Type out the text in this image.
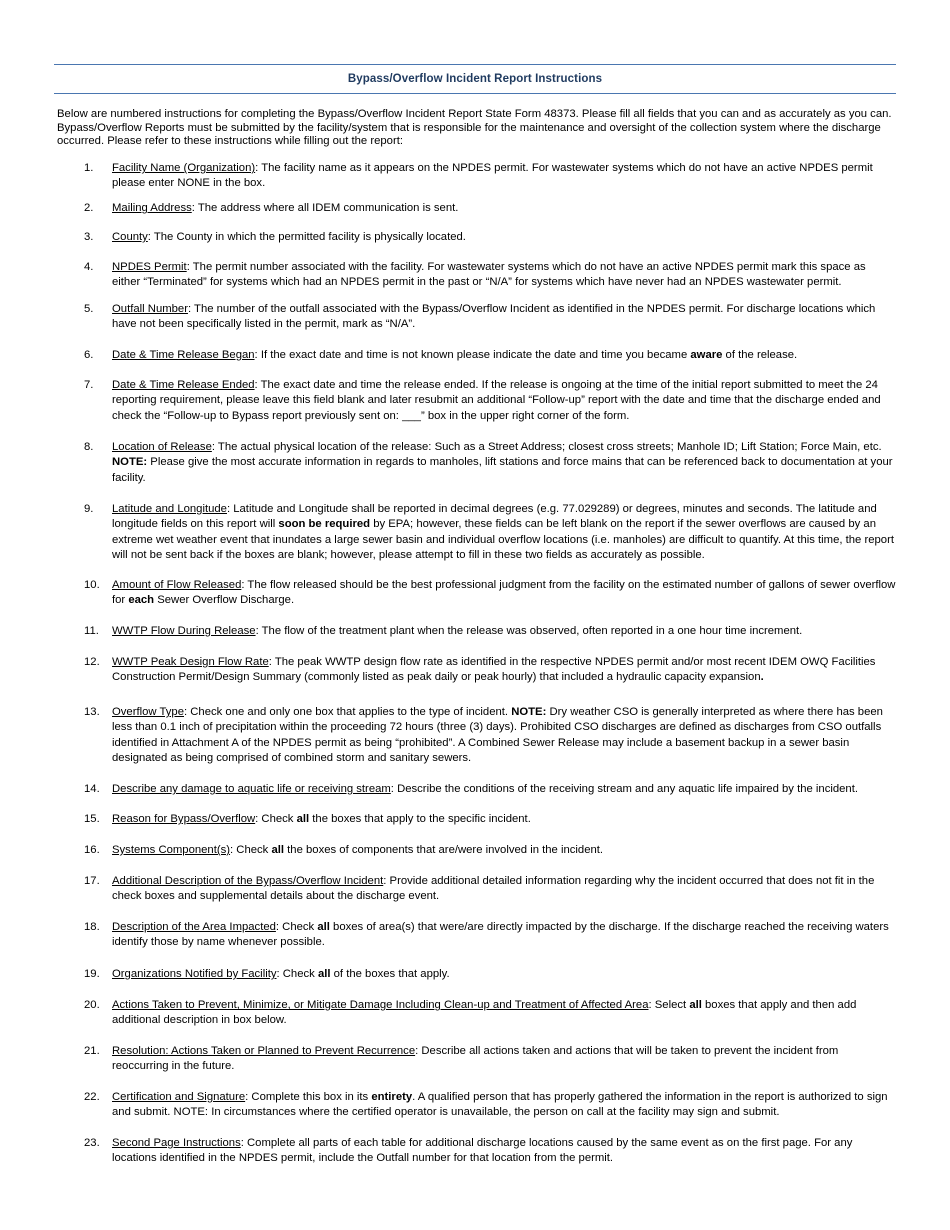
Bypass/Overflow Incident Report Instructions

Below are numbered instructions for completing the Bypass/Overflow Incident Report State Form 48373. Please fill all fields that you can and as accurately as you can. Bypass/Overflow Reports must be submitted by the facility/system that is responsible for the maintenance and oversight of the collection system where the discharge occurred. Please refer to these instructions while filling out the report:

1.	Facility Name (Organization): The facility name as it appears on the NPDES permit. For wastewater systems which do not have an active NPDES permit please enter NONE in the box.
2.	Mailing Address: The address where all IDEM communication is sent.
3.	County: The County in which the permitted facility is physically located.
4.	NPDES Permit: The permit number associated with the facility. For wastewater systems which do not have an active NPDES permit mark this space as either “Terminated” for systems which had an NPDES permit in the past or “N/A” for systems which have never had an NPDES wastewater permit.
5.	Outfall Number: The number of the outfall associated with the Bypass/Overflow Incident as identified in the NPDES permit. For discharge locations which have not been specifically listed in the permit, mark as “N/A”.
6.	Date & Time Release Began: If the exact date and time is not known please indicate the date and time you became aware of the release.
7.	Date & Time Release Ended: The exact date and time the release ended. If the release is ongoing at the time of the initial report submitted to meet the 24 reporting requirement, please leave this field blank and later resubmit an additional “Follow-up” report with the date and time that the discharge ended and check the “Follow-up to Bypass report previously sent on: ___” box in the upper right corner of the form.
8.	Location of Release: The actual physical location of the release: Such as a Street Address; closest cross streets; Manhole ID; Lift Station; Force Main, etc. NOTE: Please give the most accurate information in regards to manholes, lift stations and force mains that can be referenced back to documentation at your facility.
9.	Latitude and Longitude: Latitude and Longitude shall be reported in decimal degrees (e.g. 77.029289) or degrees, minutes and seconds. The latitude and longitude fields on this report will soon be required by EPA; however, these fields can be left blank on the report if the sewer overflows are caused by an extreme wet weather event that inundates a large sewer basin and individual overflow locations (i.e. manholes) are difficult to quantify. At this time, the report will not be sent back if the boxes are blank; however, please attempt to fill in these two fields as accurately as possible.
10.	Amount of Flow Released: The flow released should be the best professional judgment from the facility on the estimated number of gallons of sewer overflow for each Sewer Overflow Discharge.
11.	WWTP Flow During Release: The flow of the treatment plant when the release was observed, often reported in a one hour time increment.
12.	WWTP Peak Design Flow Rate: The peak WWTP design flow rate as identified in the respective NPDES permit and/or most recent IDEM OWQ Facilities Construction Permit/Design Summary (commonly listed as peak daily or peak hourly) that included a hydraulic capacity expansion.
13.	Overflow Type: Check one and only one box that applies to the type of incident. NOTE: Dry weather CSO is generally interpreted as where there has been less than 0.1 inch of precipitation within the proceeding 72 hours (three (3) days). Prohibited CSO discharges are defined as discharges from CSO outfalls identified in Attachment A of the NPDES permit as being “prohibited”. A Combined Sewer Release may include a basement backup in a sewer basin designated as being comprised of combined storm and sanitary sewers.
14.	Describe any damage to aquatic life or receiving stream: Describe the conditions of the receiving stream and any aquatic life impaired by the incident.
15.	Reason for Bypass/Overflow: Check all the boxes that apply to the specific incident.
16.	Systems Component(s): Check all the boxes of components that are/were involved in the incident.
17.	Additional Description of the Bypass/Overflow Incident: Provide additional detailed information regarding why the incident occurred that does not fit in the check boxes and supplemental details about the discharge event.
18.	Description of the Area Impacted: Check all boxes of area(s) that were/are directly impacted by the discharge. If the discharge reached the receiving waters identify those by name whenever possible.
19.	Organizations Notified by Facility: Check all of the boxes that apply.
20.	Actions Taken to Prevent, Minimize, or Mitigate Damage Including Clean-up and Treatment of Affected Area: Select all boxes that apply and then add additional description in box below.
21.	Resolution: Actions Taken or Planned to Prevent Recurrence: Describe all actions taken and actions that will be taken to prevent the incident from reoccurring in the future.
22.	Certification and Signature: Complete this box in its entirety. A qualified person that has properly gathered the information in the report is authorized to sign and submit. NOTE: In circumstances where the certified operator is unavailable, the person on call at the facility may sign and submit.
23.	Second Page Instructions: Complete all parts of each table for additional discharge locations caused by the same event as on the first page. For any locations identified in the NPDES permit, include the Outfall number for that location from the permit.
